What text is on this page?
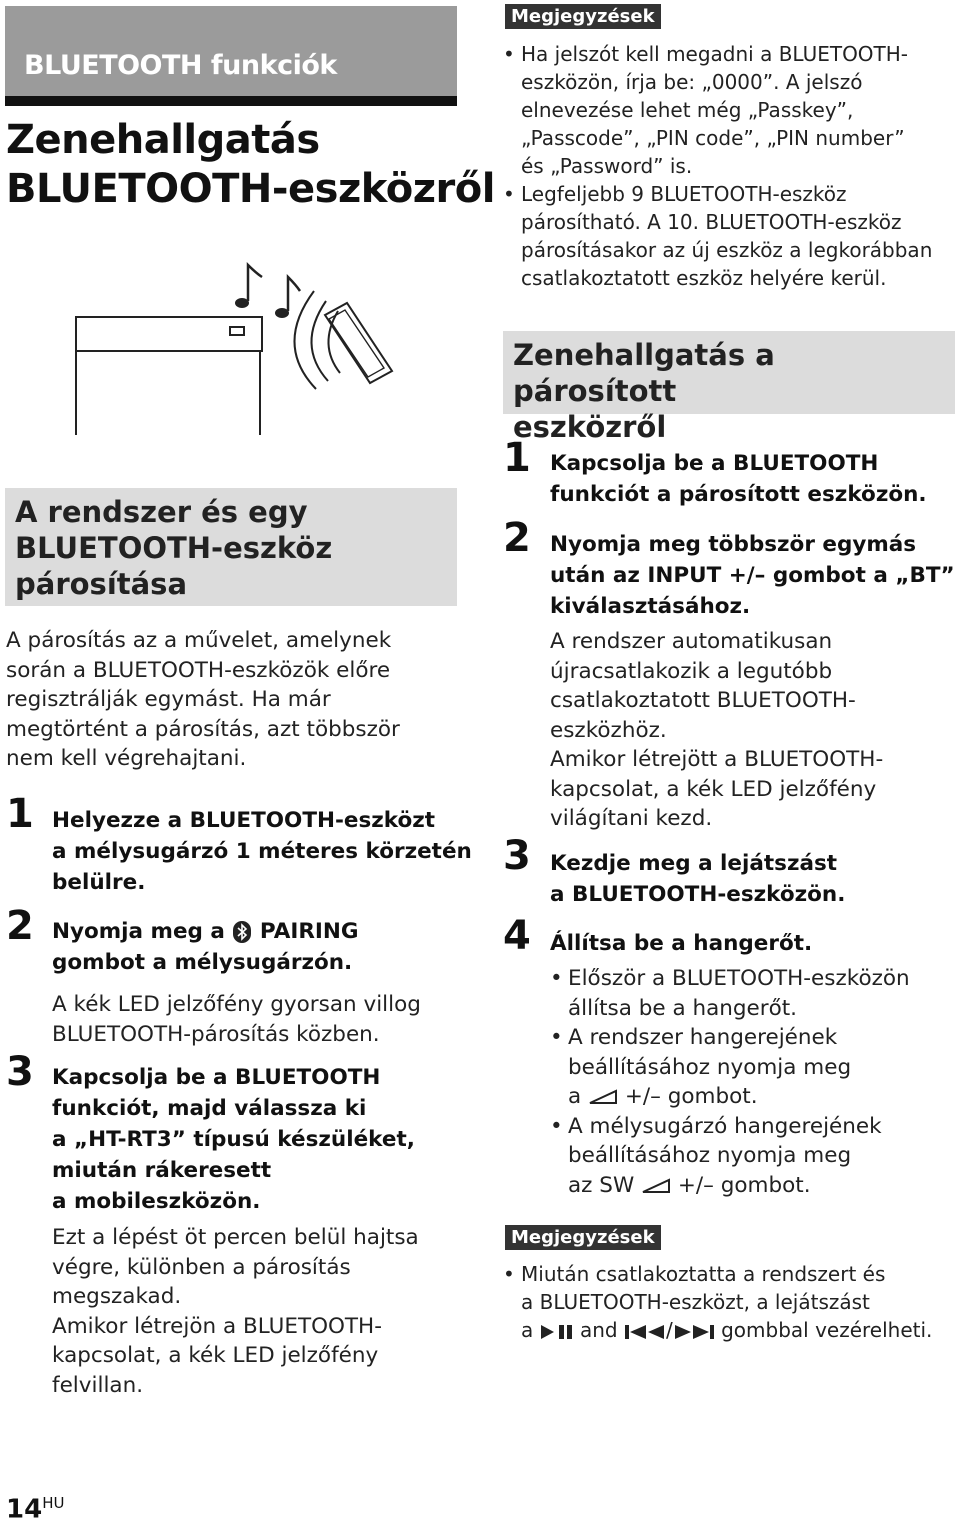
BLUETOOTH funkciók
Zenehallgatás
BLUETOOTH-eszközről
A rendszer és egy
BLUETOOTH-eszköz
párosítása
A párosítás az a művelet, amelynek
során a BLUETOOTH-eszközök előre
regisztrálják egymást. Ha már
megtörtént a párosítás, azt többször
nem kell végrehajtani.
1 Helyezze a BLUETOOTH-eszközt
a mélysugárzó 1 méteres körzetén
belülre.
2 Nyomja meg a PAIRING
gombot a mélysugárzón.
A kék LED jelzőfény gyorsan villog
BLUETOOTH-párosítás közben.
3 Kapcsolja be a BLUETOOTH
funkciót, majd válassza ki
a „HT-RT3” típusú készüléket,
miután rákeresett
a mobileszközön.
Ezt a lépést öt percen belül hajtsa
végre, különben a párosítás
megszakad.
Amikor létrejön a BLUETOOTH-
kapcsolat, a kék LED jelzőfény
felvillan.
Megjegyzések
• Ha jelszót kell megadni a BLUETOOTH-
eszközön, írja be: „0000”. A jelszó
elnevezése lehet még „Passkey”,
„Passcode”, „PIN code”, „PIN number”
és „Password” is.
• Legfeljebb 9 BLUETOOTH-eszköz
párosítható. A 10. BLUETOOTH-eszköz
párosításakor az új eszköz a legkorábban
csatlakoztatott eszköz helyére kerül.
Zenehallgatás a párosított
eszközről
1 Kapcsolja be a BLUETOOTH
funkciót a párosított eszközön.
2 Nyomja meg többször egymás
után az INPUT +/– gombot a „BT”
kiválasztásához.
A rendszer automatikusan
újracsatlakozik a legutóbb
csatlakoztatott BLUETOOTH-
eszközhöz.
Amikor létrejött a BLUETOOTH-
kapcsolat, a kék LED jelzőfény
világítani kezd.
3 Kezdje meg a lejátszást
a BLUETOOTH-eszközön.
4 Állítsa be a hangerőt.
• Először a BLUETOOTH-eszközön
állítsa be a hangerőt.
• A rendszer hangerejének
beállításához nyomja meg
a +/– gombot.
• A mélysugárzó hangerejének
beállításához nyomja meg
az SW +/– gombot.
Megjegyzések
• Miután csatlakoztatta a rendszert és
a BLUETOOTH-eszközt, a lejátszást
a and / gombbal vezérelheti.
$14^{HU}$
